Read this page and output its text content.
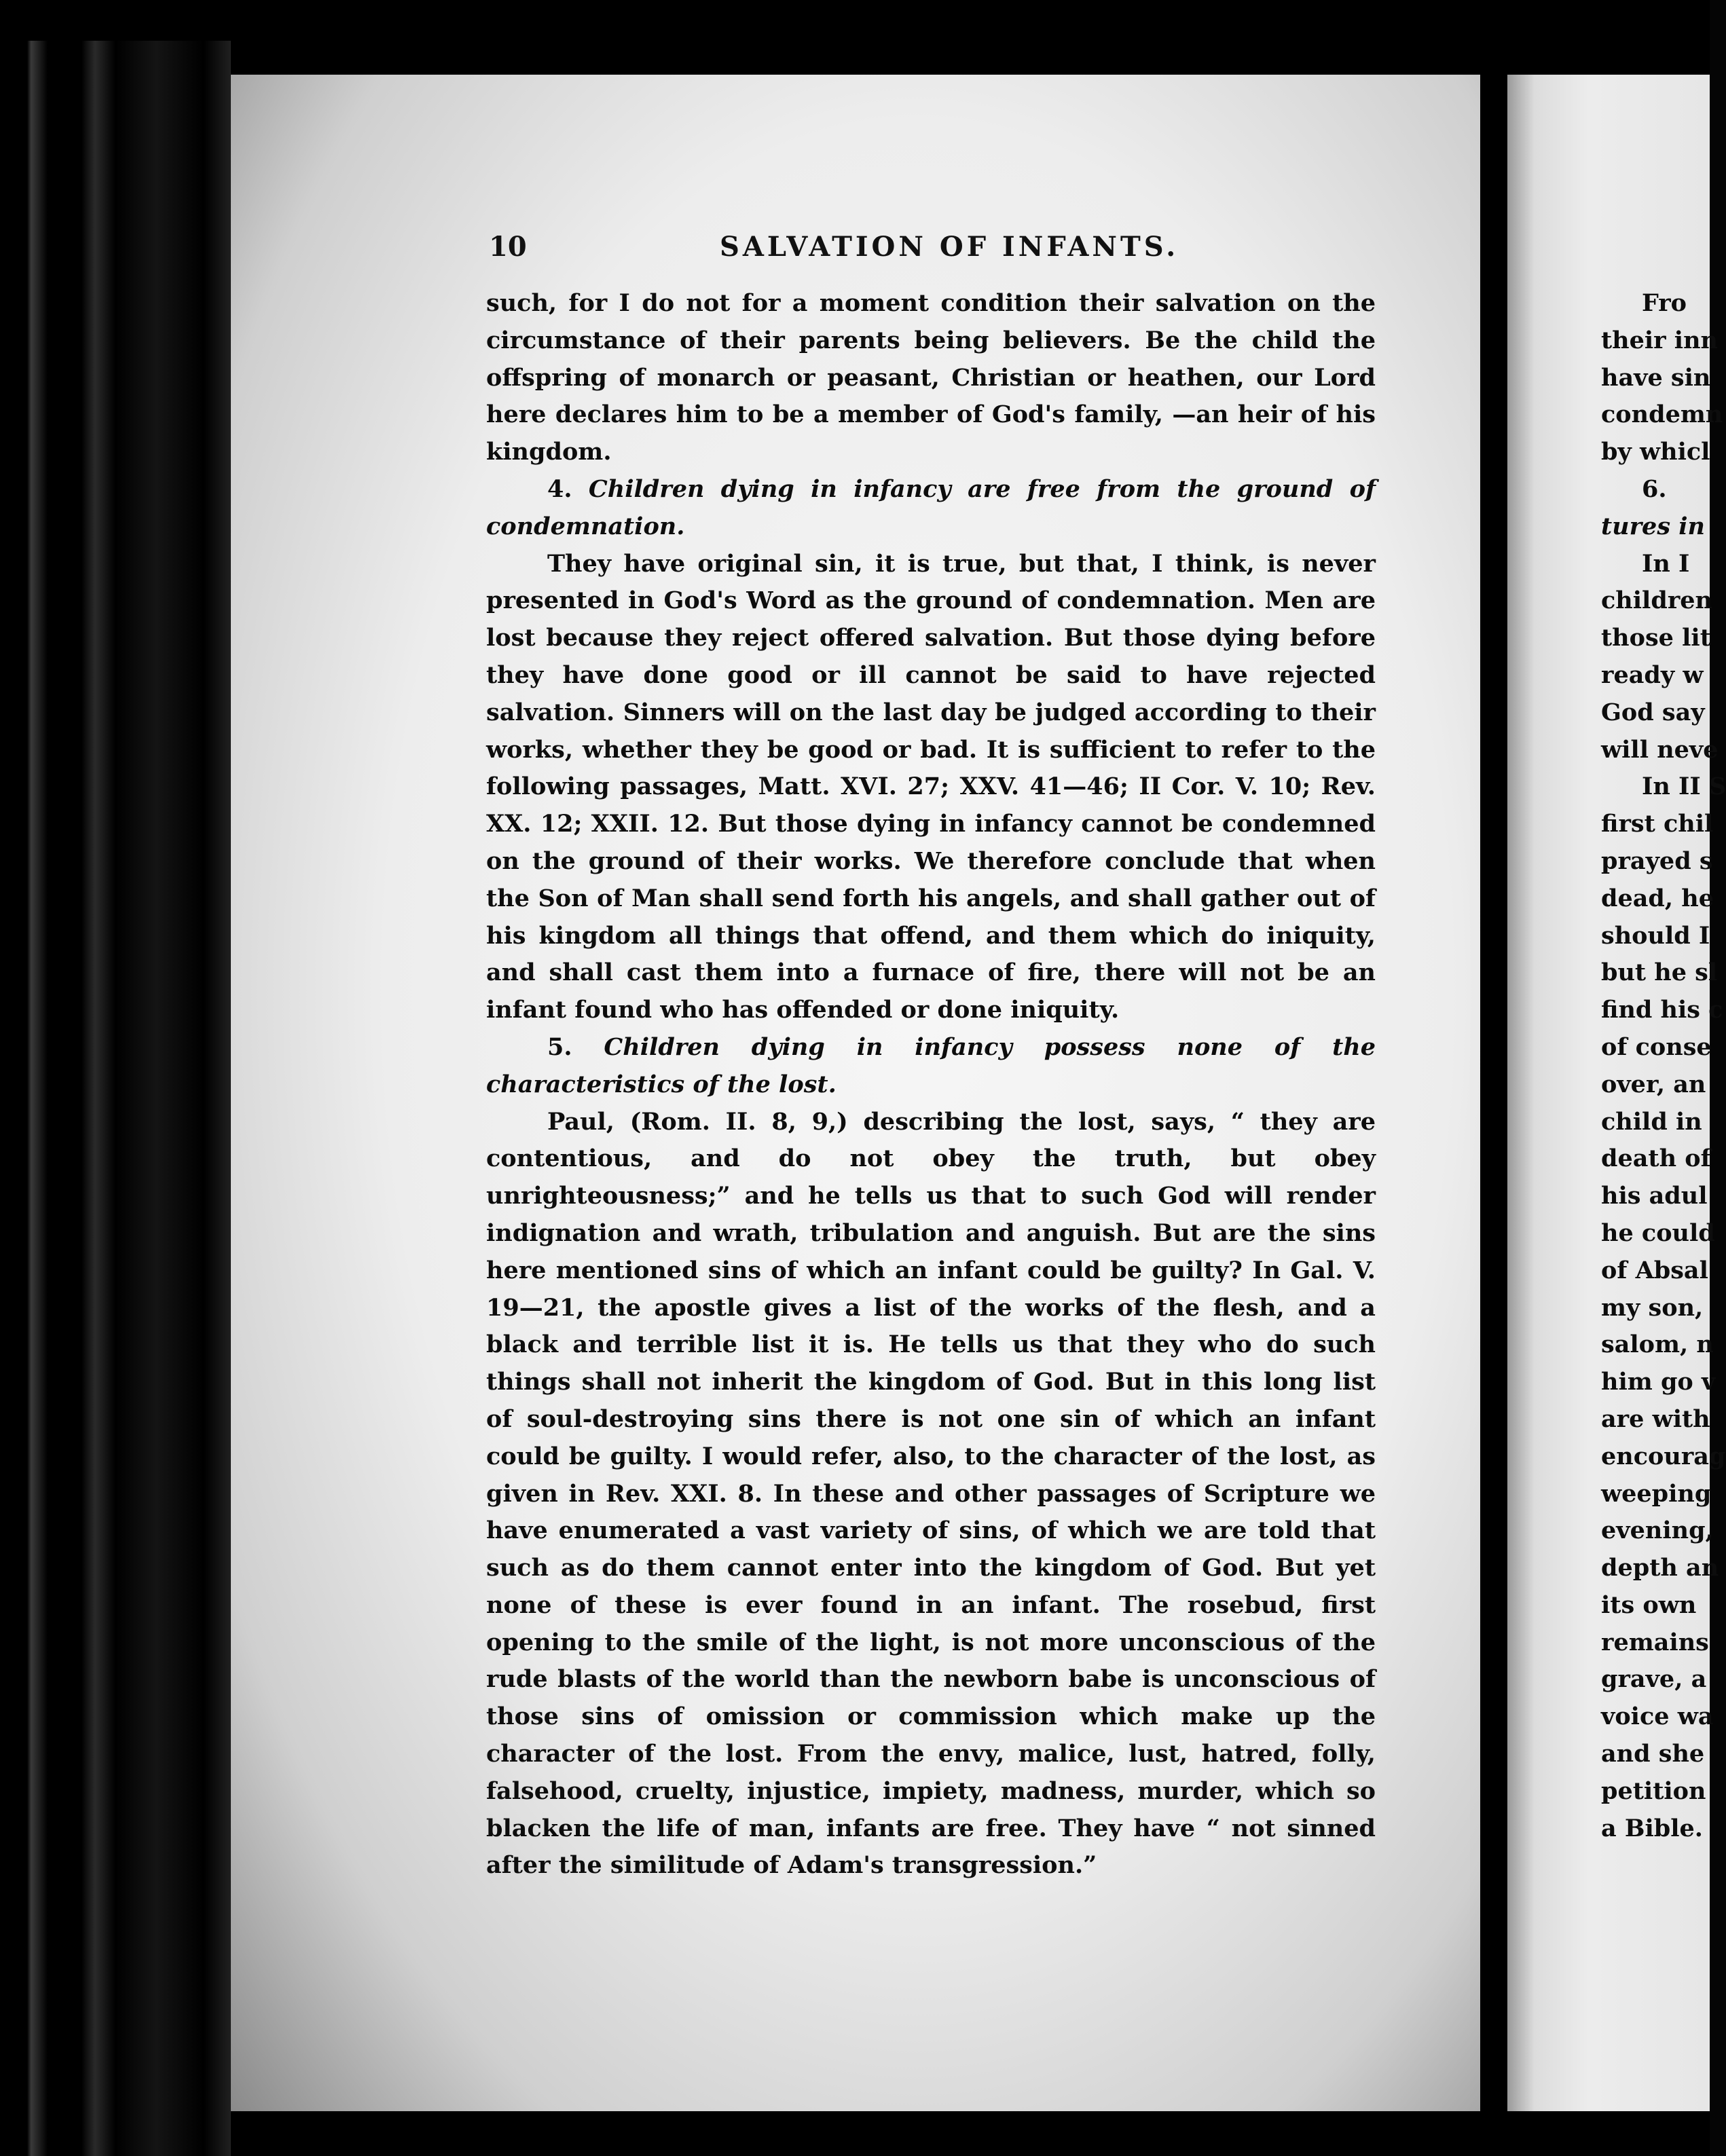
10	SALVATION OF INFANTS.

such, for I do not for a moment condition their salvation on the circumstance of their parents being believers. Be the child the offspring of monarch or peasant, Christian or heathen, our Lord here declares him to be a member of God's family, —an heir of his kingdom.

4. Children dying in infancy are free from the ground of condemnation.

They have original sin, it is true, but that, I think, is never presented in God's Word as the ground of condemnation. Men are lost because they reject offered salvation. But those dying before they have done good or ill cannot be said to have rejected salvation. Sinners will on the last day be judged according to their works, whether they be good or bad. It is sufficient to refer to the following passages, Matt. XVI. 27; XXV. 41—46; II Cor. V. 10; Rev. XX. 12; XXII. 12. But those dying in infancy cannot be condemned on the ground of their works. We therefore conclude that when the Son of Man shall send forth his angels, and shall gather out of his kingdom all things that offend, and them which do iniquity, and shall cast them into a furnace of fire, there will not be an infant found who has offended or done iniquity.

5. Children dying in infancy possess none of the characteristics of the lost.

Paul, (Rom. II. 8, 9,) describing the lost, says, “ they are contentious, and do not obey the truth, but obey unrighteousness;” and he tells us that to such God will render indignation and wrath, tribulation and anguish. But are the sins here mentioned sins of which an infant could be guilty? In Gal. V. 19—21, the apostle gives a list of the works of the flesh, and a black and terrible list it is. He tells us that they who do such things shall not inherit the kingdom of God. But in this long list of soul-destroying sins there is not one sin of which an infant could be guilty. I would refer, also, to the character of the lost, as given in Rev. XXI. 8. In these and other passages of Scripture we have enumerated a vast variety of sins, of which we are told that such as do them cannot enter into the kingdom of God. But yet none of these is ever found in an infant. The rosebud, first opening to the smile of the light, is not more unconscious of the rude blasts of the world than the newborn babe is unconscious of those sins of omission or commission which make up the character of the lost. From the envy, malice, lust, hatred, folly, falsehood, cruelty, injustice, impiety, madness, murder, which so blacken the life of man, infants are free. They have “ not sinned after the similitude of Adam's transgression.”

Fro
their inn
have sin
condemn
by whicl
6.
tures in
In I
children
those lit
ready w
God say
will neve
In II S
first chil
prayed s
dead, he
should I
but he sl
find his c
of conse
over, an
child in
death of
his adul
he could
of Absal
my son,
salom, n
him go v
are with
encourag
weeping
evening,
depth an
its own
remains
grave, a
voice wa
and she
petition
a Bible.
